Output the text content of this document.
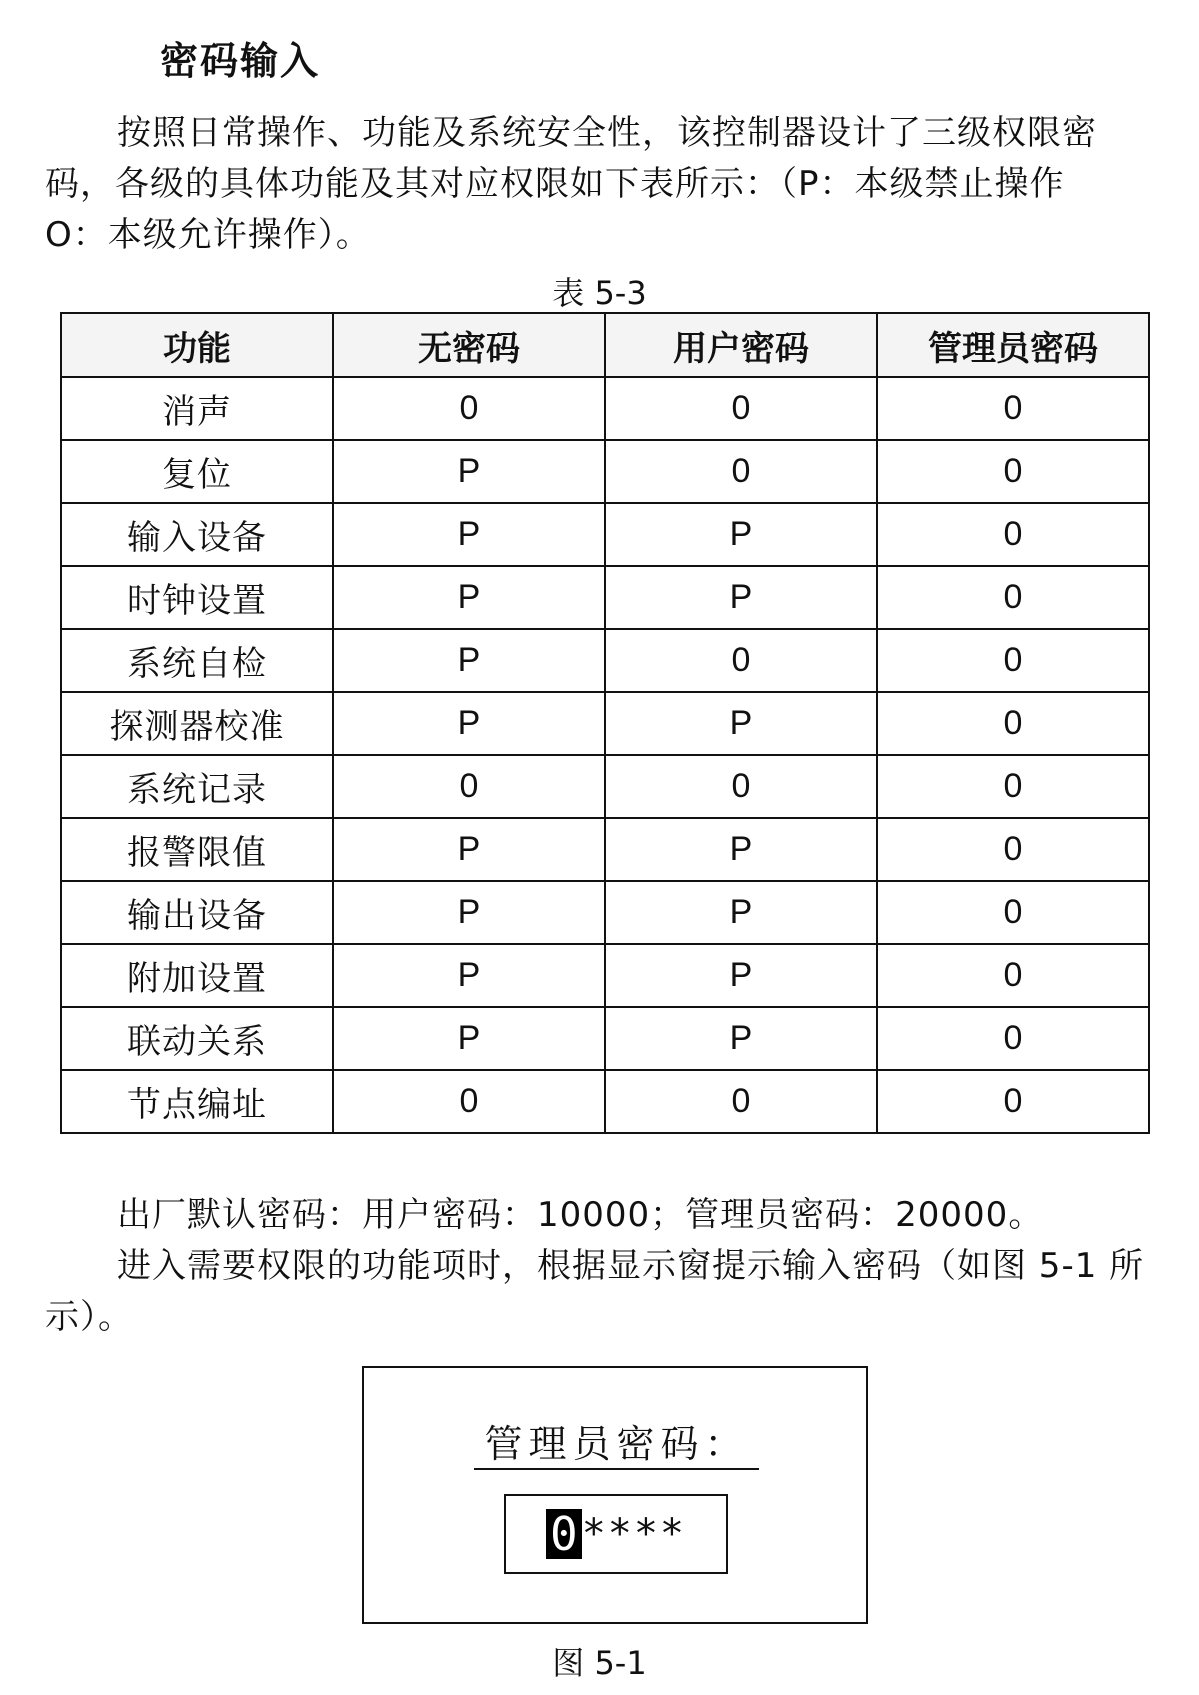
密码输入
按照日常操作、功能及系统安全性，该控制器设计了三级权限密码，各级的具体功能及其对应权限如下表所示：（P：本级禁止操作　 O：本级允许操作）。
表 5-3
功能	无密码	用户密码	管理员密码
消声	0	0	0
复位	P	0	0
输入设备	P	P	0
时钟设置	P	P	0
系统自检	P	0	0
探测器校准	P	P	0
系统记录	0	0	0
报警限值	P	P	0
输出设备	P	P	0
附加设置	P	P	0
联动关系	P	P	0
节点编址	0	0	0
出厂默认密码：用户密码：10000；管理员密码：20000。
进入需要权限的功能项时，根据显示窗提示输入密码（如图 5-1 所示）。
管理员密码：
0 ****
图 5-1
